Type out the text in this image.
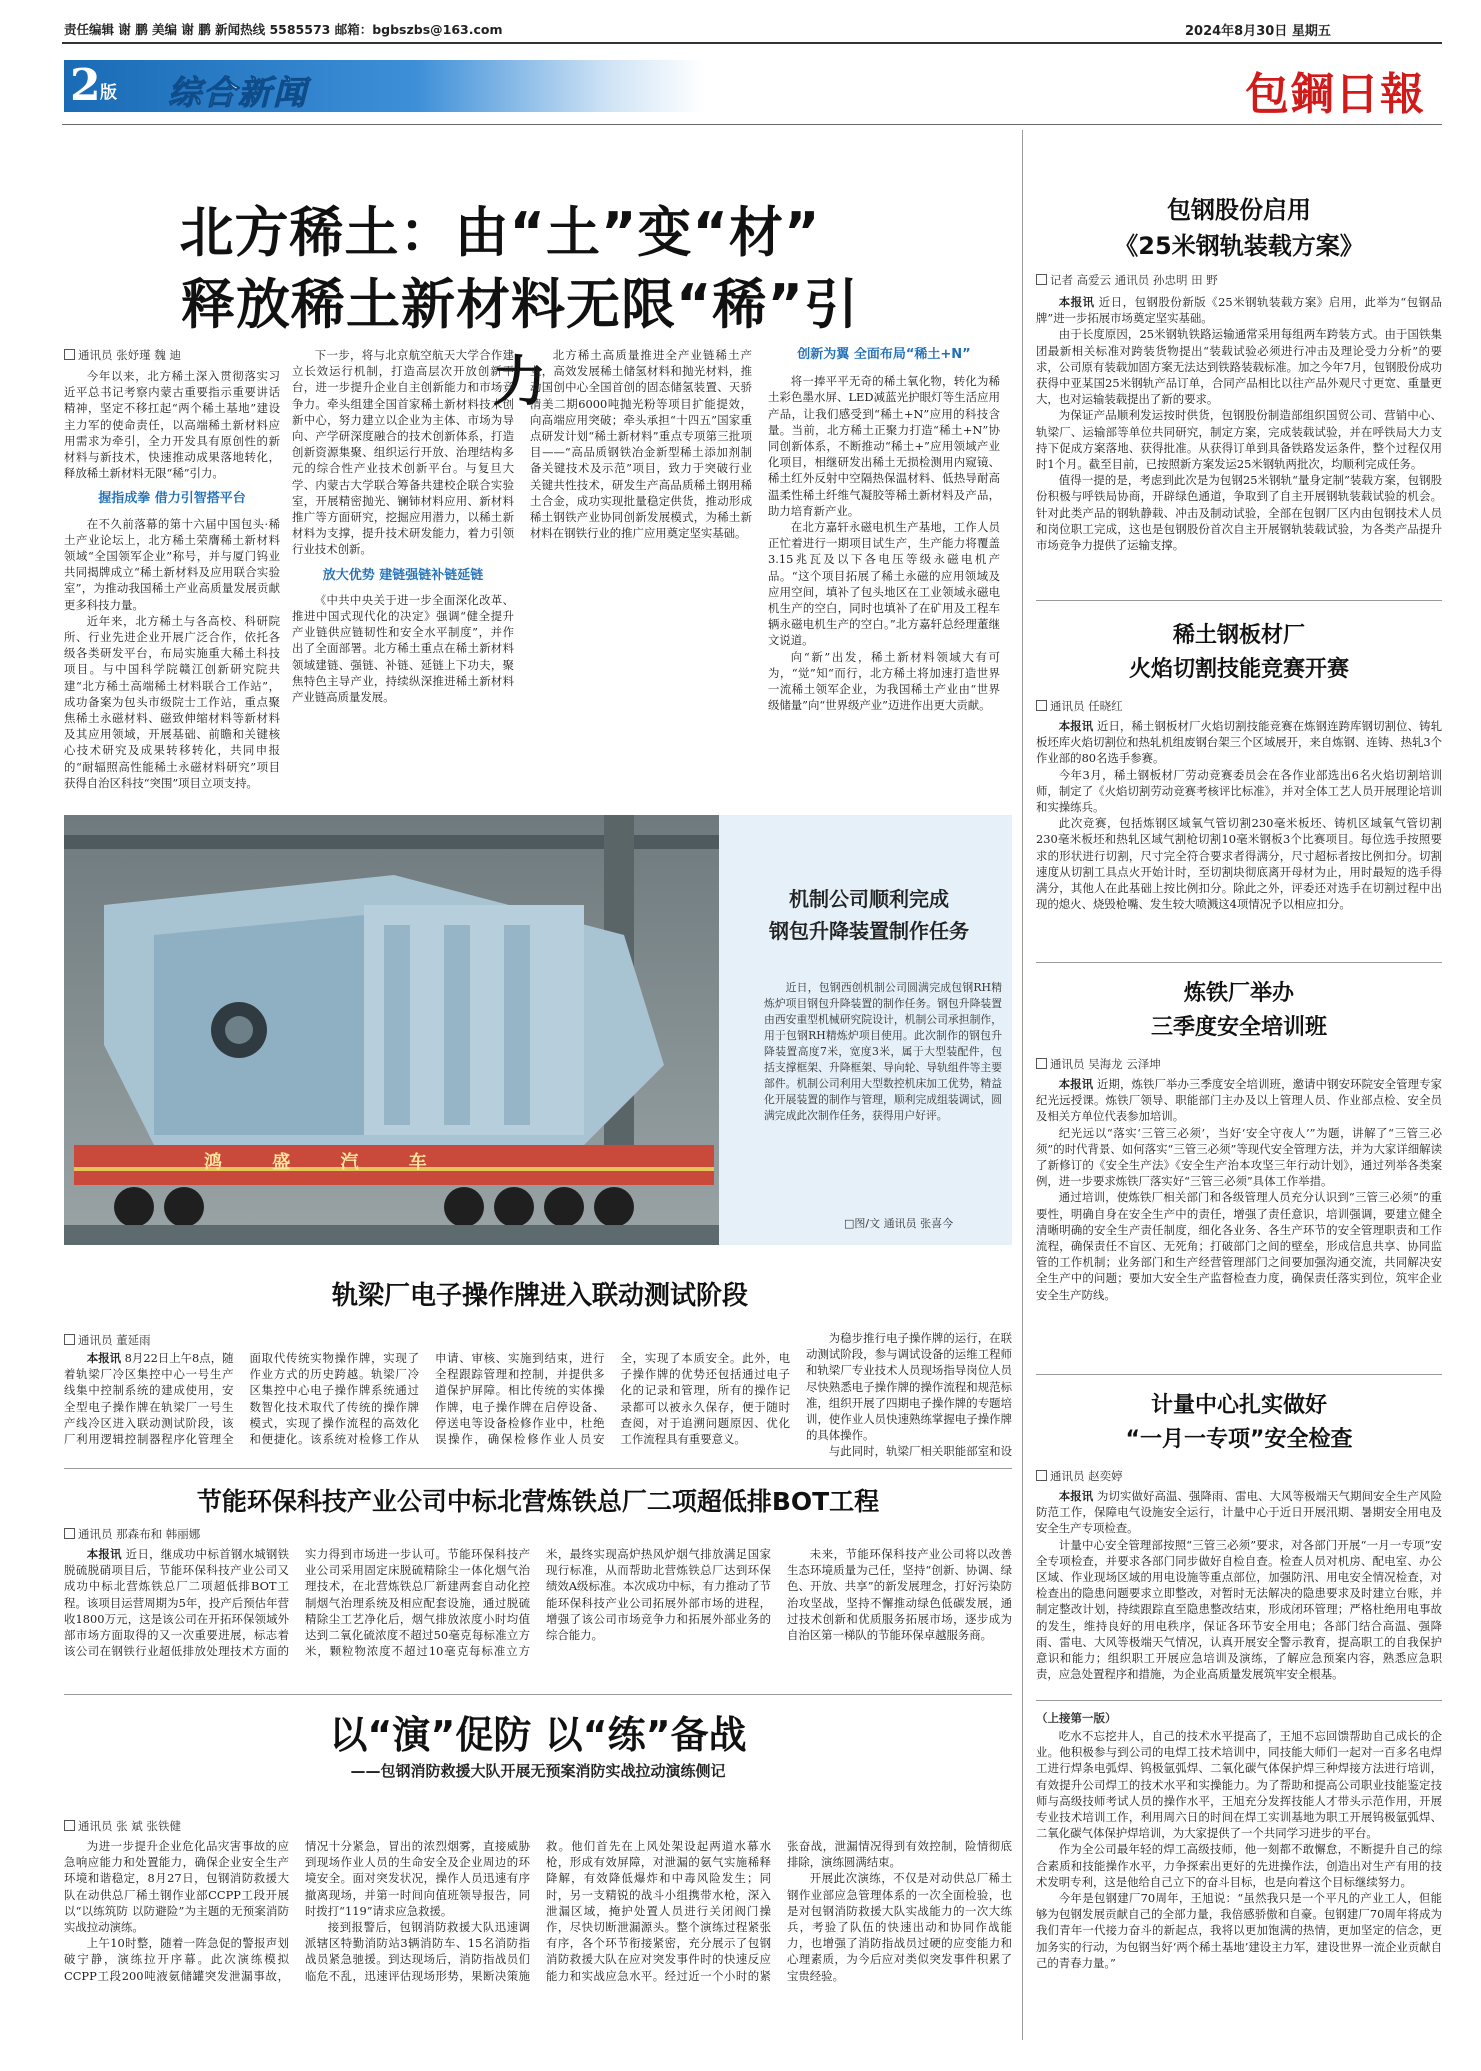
责任编辑 谢 鹏 美编 谢 鹏 新闻热线 5585573 邮箱：bgbszbs@163.com	2024年8月30日 星期五
2 版 综合新闻	包鋼日報
北方稀土：由“土”变“材”
释放稀土新材料无限“稀”引力
通讯员 张妤瑾 魏 迪

今年以来，北方稀土深入贯彻落实习近平总书记考察内蒙古重要指示重要讲话精神，坚定不移扛起“两个稀土基地”建设主力军的使命责任，以高端稀土新材料应用需求为牵引，全力开发具有原创性的新材料与新技术，快速推动成果落地转化，释放稀土新材料无限“稀”引力。

握指成拳 借力引智搭平台

在不久前落幕的第十六届中国包头·稀土产业论坛上，北方稀土荣膺稀土新材料领域“全国领军企业”称号，并与厦门钨业共同揭牌成立“稀土新材料及应用联合实验室”，为推动我国稀土产业高质量发展贡献更多科技力量。

近年来，北方稀土与各高校、科研院所、行业先进企业开展广泛合作，依托各级各类研发平台，布局实施重大稀土科技项目。与中国科学院赣江创新研究院共建“北方稀土高端稀土材料联合工作站”，成功备案为包头市级院士工作站，重点聚焦稀土永磁材料、磁致伸缩材料等新材料及其应用领域，开展基础、前瞻和关键核心技术研究及成果转移转化，共同申报的“耐辐照高性能稀土永磁材料研究”项目获得自治区科技“突围”项目立项支持。

下一步，将与北京航空航天大学合作建立长效运行机制，打造高层次开放创新平台，进一步提升企业自主创新能力和市场竞争力。牵头组建全国首家稀土新材料技术创新中心，努力建立以企业为主体、市场为导向、产学研深度融合的技术创新体系，打造创新资源集聚、组织运行开放、治理结构多元的综合性产业技术创新平台。与复旦大学、内蒙古大学联合筹备共建校企联合实验室，开展精密抛光、镧铈材料应用、新材料推广等方面研究，挖掘应用潜力，以稀土新材料为支撑，提升技术研发能力，着力引领行业技术创新。

放大优势 建链强链补链延链

《中共中央关于进一步全面深化改革、推进中国式现代化的决定》强调“健全提升产业链供应链韧性和安全水平制度”，并作出了全面部署。北方稀土重点在稀土新材料领域建链、强链、补链、延链上下功夫，聚焦特色主导产业，持续纵深推进稀土新材料产业链高质量发展。

北方稀土高质量推进全产业链稀土产业，高效发展稀土储氢材料和抛光材料，推动国创中心全国首创的固态储氢装置、天骄清美二期6000吨抛光粉等项目扩能提效，向高端应用突破；牵头承担“十四五”国家重点研发计划“稀土新材料”重点专项第三批项目——“高品质钢铁冶金新型稀土添加剂制备关键技术及示范”项目，致力于突破行业关键共性技术，研发生产高品质稀土钢用稀土合金，成功实现批量稳定供货，推动形成稀土钢铁产业协同创新发展模式，为稀土新材料在钢铁行业的推广应用奠定坚实基础。

创新为翼 全面布局“稀土+N”

将一捧平平无奇的稀土氧化物，转化为稀土彩色墨水屏、LED减蓝光护眼灯等生活应用产品，让我们感受到“稀土+N”应用的科技含量。当前，北方稀土正聚力打造“稀土+N”协同创新体系，不断推动“稀土+”应用领域产业化项目，相继研发出稀土无损检测用内窥镜、稀土红外反射中空隔热保温材料、低热导耐高温柔性稀土纤维气凝胶等稀土新材料及产品，助力培育新产业。

在北方嘉轩永磁电机生产基地，工作人员正忙着进行一期项目试生产，生产能力将覆盖3.15兆瓦及以下各电压等级永磁电机产品。“这个项目拓展了稀土永磁的应用领域及应用空间，填补了包头地区在工业领域永磁电机生产的空白，同时也填补了在矿用及工程车辆永磁电机生产的空白。”北方嘉轩总经理董继文说道。

向“新”出发，稀土新材料领域大有可为，“觉”知“而行，北方稀土将加速打造世界一流稀土领军企业，为我国稀土产业由“世界级储量”向“世界级产业”迈进作出更大贡献。

鸿 盛 汽 车
机制公司顺利完成
钢包升降装置制作任务
近日，包钢西创机制公司圆满完成包钢RH精炼炉项目钢包升降装置的制作任务。钢包升降装置由西安重型机械研究院设计，机制公司承担制作，用于包钢RH精炼炉项目使用。此次制作的钢包升降装置高度7米，宽度3米，属于大型装配件，包括支撑框架、升降框架、导向轮、导轨组件等主要部件。机制公司利用大型数控机床加工优势，精益化开展装置的制作与管理，顺利完成组装调试，圆满完成此次制作任务，获得用户好评。
□图/文 通讯员 张喜今
轨梁厂电子操作牌进入联动测试阶段
通讯员 董延雨

本报讯 8月22日上午8点，随着轨梁厂冷区集控中心一号生产线集中控制系统的建成使用，安全型电子操作牌在轨梁厂一号生产线冷区进入联动测试阶段，该厂利用逻辑控制器程序化管理全面取代传统实物操作牌，实现了作业方式的历史跨越。轨梁厂冷区集控中心电子操作牌系统通过数智化技术取代了传统的操作牌模式，实现了操作流程的高效化和便捷化。该系统对检修工作从申请、审核、实施到结束，进行全程跟踪管理和控制，并提供多道保护屏障。相比传统的实体操作牌，电子操作牌在启停设备、停送电等设备检修作业中，杜绝误操作，确保检修作业人员安全，实现了本质安全。此外，电子操作牌的优势还包括通过电子化的记录和管理，所有的操作记录都可以被永久保存，便于随时查阅，对于追溯问题原因、优化工作流程具有重要意义。

为稳步推行电子操作牌的运行，在联动测试阶段，参与调试设备的运维工程师和轨梁厂专业技术人员现场指导岗位人员尽快熟悉电子操作牌的操作流程和规范标准，组织开展了四期电子操作牌的专题培训，使作业人员快速熟练掌握电子操作牌的具体操作。

与此同时，轨梁厂相关职能部室和设

节能环保科技产业公司中标北营炼铁总厂二项超低排BOT工程
通讯员 那森布和 韩丽娜

本报讯 近日，继成功中标首钢水城钢铁脱硫脱硝项目后，节能环保科技产业公司又成功中标北营炼铁总厂二项超低排BOT工程。该项目运营周期为5年，投产后预估年营收1800万元，这是该公司在开拓环保领域外部市场方面取得的又一次重要进展，标志着该公司在钢铁行业超低排放处理技术方面的实力得到市场进一步认可。节能环保科技产业公司采用固定床脱硫精除尘一体化烟气治理技术，在北营炼铁总厂新建两套自动化控制烟气治理系统及相应配套设施，通过脱硫精除尘工艺净化后，烟气排放浓度小时均值达到二氧化硫浓度不超过50毫克每标准立方米，颗粒物浓度不超过10毫克每标准立方米，最终实现高炉热风炉烟气排放满足国家现行标准，从而帮助北营炼铁总厂达到环保绩效A级标准。本次成功中标，有力推动了节能环保科技产业公司拓展外部市场的进程，增强了该公司市场竞争力和拓展外部业务的综合能力。

未来，节能环保科技产业公司将以改善生态环境质量为己任，坚持“创新、协调、绿色、开放、共享”的新发展理念，打好污染防治攻坚战，坚持不懈推动绿色低碳发展，通过技术创新和优质服务拓展市场，逐步成为自治区第一梯队的节能环保卓越服务商。

以“演”促防 以“练”备战
——包钢消防救援大队开展无预案消防实战拉动演练侧记
通讯员 张 斌 张铁健

为进一步提升企业危化品灾害事故的应急响应能力和处置能力，确保企业安全生产环境和谐稳定，8月27日，包钢消防救援大队在动供总厂稀土钢作业部CCPP工段开展以“以练筑防 以防避险”为主题的无预案消防实战拉动演练。

上午10时整，随着一阵急促的警报声划破宁静，演练拉开序幕。此次演练模拟CCPP工段200吨液氨储罐突发泄漏事故，情况十分紧急，冒出的浓烈烟雾，直接威胁到现场作业人员的生命安全及企业周边的环境安全。面对突发状况，操作人员迅速有序撤离现场，并第一时间向值班领导报告，同时拨打“119”请求应急救援。

接到报警后，包钢消防救援大队迅速调派辖区特勤消防站3辆消防车、15名消防指战员紧急驰援。到达现场后，消防指战员们临危不乱，迅速评估现场形势，果断决策施救。他们首先在上风处架设起两道水幕水枪，形成有效屏障，对泄漏的氨气实施稀释降解，有效降低爆炸和中毒风险发生；同时，另一支精锐的战斗小组携带水枪，深入泄漏区域，掩护处置人员进行关闭阀门操作，尽快切断泄漏源头。整个演练过程紧张有序，各个环节衔接紧密，充分展示了包钢消防救援大队在应对突发事件时的快速反应能力和实战应急水平。经过近一个小时的紧张奋战，泄漏情况得到有效控制，险情彻底排除，演练圆满结束。

开展此次演练，不仅是对动供总厂稀土钢作业部应急管理体系的一次全面检验，也是对包钢消防救援大队实战能力的一次大练兵，考验了队伍的快速出动和协同作战能力，也增强了消防指战员过硬的应变能力和心理素质，为今后应对类似突发事件积累了宝贵经验。

包钢股份启用
《25米钢轨装载方案》
记者 高爱云 通讯员 孙忠明 田 野

本报讯 近日，包钢股份新版《25米钢轨装载方案》启用，此举为“包钢品牌”进一步拓展市场奠定坚实基础。

由于长度原因，25米钢轨铁路运输通常采用每组两车跨装方式。由于国铁集团最新相关标准对跨装货物提出“装载试验必须进行冲击及理论受力分析”的要求，公司原有装载加固方案无法达到铁路装载标准。加之今年7月，包钢股份成功获得中亚某国25米钢轨产品订单，合同产品相比以往产品外观尺寸更宽、重量更大，也对运输装载提出了新的要求。

为保证产品顺利发运按时供货，包钢股份制造部组织国贸公司、营销中心、轨梁厂、运输部等单位共同研究，制定方案，完成装载试验，并在呼铁局大力支持下促成方案落地、获得批准。从获得订单到具备铁路发运条件，整个过程仅用时1个月。截至目前，已按照新方案发运25米钢轨两批次，均顺利完成任务。

值得一提的是，考虑到此次是为包钢25米钢轨“量身定制”装载方案，包钢股份积极与呼铁局协商，开辟绿色通道，争取到了自主开展钢轨装载试验的机会。针对此类产品的钢轨静载、冲击及制动试验，全部在包钢厂区内由包钢技术人员和岗位职工完成，这也是包钢股份首次自主开展钢轨装载试验，为各类产品提升市场竞争力提供了运输支撑。

稀土钢板材厂
火焰切割技能竞赛开赛
通讯员 任晓红

本报讯 近日，稀土钢板材厂火焰切割技能竞赛在炼钢连跨库钢切割位、铸轧板坯库火焰切割位和热轧机组废钢台架三个区域展开，来自炼钢、连铸、热轧3个作业部的80名选手参赛。

今年3月，稀土钢板材厂劳动竞赛委员会在各作业部选出6名火焰切割培训师，制定了《火焰切割劳动竞赛考核评比标准》，并对全体工艺人员开展理论培训和实操练兵。

此次竞赛，包括炼钢区域氧气管切割230毫米板坯、铸机区域氧气管切割230毫米板坯和热轧区域气割枪切割10毫米钢板3个比赛项目。每位选手按照要求的形状进行切割，尺寸完全符合要求者得满分，尺寸超标者按比例扣分。切割速度从切割工具点火开始计时，至切割块彻底离开母材为止，用时最短的选手得满分，其他人在此基础上按比例扣分。除此之外，评委还对选手在切割过程中出现的熄火、烧毁枪嘴、发生较大喷溅这4项情况予以相应扣分。

炼铁厂举办
三季度安全培训班
通讯员 吴海龙 云泽坤

本报讯 近期，炼铁厂举办三季度安全培训班，邀请中钢安环院安全管理专家纪光远授课。炼铁厂领导、职能部门主办及以上管理人员、作业部点检、安全员及相关方单位代表参加培训。

纪光远以“落实‘三管三必须’，当好‘安全守夜人’”为题，讲解了“三管三必须”的时代背景、如何落实“三管三必须”等现代安全管理方法，并为大家详细解读了新修订的《安全生产法》《安全生产治本攻坚三年行动计划》，通过列举各类案例，进一步要求炼铁厂落实好“三管三必须”具体工作举措。

通过培训，使炼铁厂相关部门和各级管理人员充分认识到“三管三必须”的重要性，明确自身在安全生产中的责任，增强了责任意识，培训强调，要建立健全清晰明确的安全生产责任制度，细化各业务、各生产环节的安全管理职责和工作流程，确保责任不盲区、无死角；打破部门之间的壁垒，形成信息共享、协同监管的工作机制；业务部门和生产经营管理部门之间要加强沟通交流，共同解决安全生产中的问题；要加大安全生产监督检查力度，确保责任落实到位，筑牢企业安全生产防线。

计量中心扎实做好
“一月一专项”安全检查
通讯员 赵奕婷

本报讯 为切实做好高温、强降雨、雷电、大风等极端天气期间安全生产风险防范工作，保障电气设施安全运行，计量中心于近日开展汛期、暑期安全用电及安全生产专项检查。

计量中心安全管理部按照“三管三必须”要求，对各部门开展“一月一专项”安全专项检查，并要求各部门同步做好自检自查。检查人员对机房、配电室、办公区域、作业现场区域的用电设施等重点部位，加强防汛、用电安全情况检查，对检查出的隐患问题要求立即整改，对暂时无法解决的隐患要求及时建立台账，并制定整改计划，持续跟踪直至隐患整改结束，形成闭环管理；严格杜绝用电事故的发生，维持良好的用电秩序，保证各环节安全用电；各部门结合高温、强降雨、雷电、大风等极端天气情况，认真开展安全警示教育，提高职工的自我保护意识和能力；组织职工开展应急培训及演练，了解应急预案内容，熟悉应急职责，应急处置程序和措施，为企业高质量发展筑牢安全根基。

（上接第一版）

吃水不忘挖井人，自己的技术水平提高了，王旭不忘回馈帮助自己成长的企业。他积极参与到公司的电焊工技术培训中，同技能大师们一起对一百多名电焊工进行焊条电弧焊、钨极氩弧焊、二氧化碳气体保护焊三种焊接方法进行培训，有效提升公司焊工的技术水平和实操能力。为了帮助和提高公司职业技能鉴定技师与高级技师考试人员的操作水平，王旭充分发挥技能人才带头示范作用，开展专业技术培训工作，利用周六日的时间在焊工实训基地为职工开展钨极氩弧焊、二氧化碳气体保护焊培训，为大家提供了一个共同学习进步的平台。

作为全公司最年轻的焊工高级技师，他一刻都不敢懈怠，不断提升自己的综合素质和技能操作水平，力争探索出更好的先进操作法，创造出对生产有用的技术发明专利，这是他给自己立下的奋斗目标，也是向着这个目标继续努力。

今年是包钢建厂70周年，王旭说：“虽然我只是一个平凡的产业工人，但能够为包钢发展贡献自己的全部力量，我倍感骄傲和自豪。包钢建厂70周年将成为我们青年一代接力奋斗的新起点，我将以更加饱满的热情，更加坚定的信念，更加务实的行动，为包钢当好‘两个稀土基地’建设主力军，建设世界一流企业贡献自己的青春力量。”
